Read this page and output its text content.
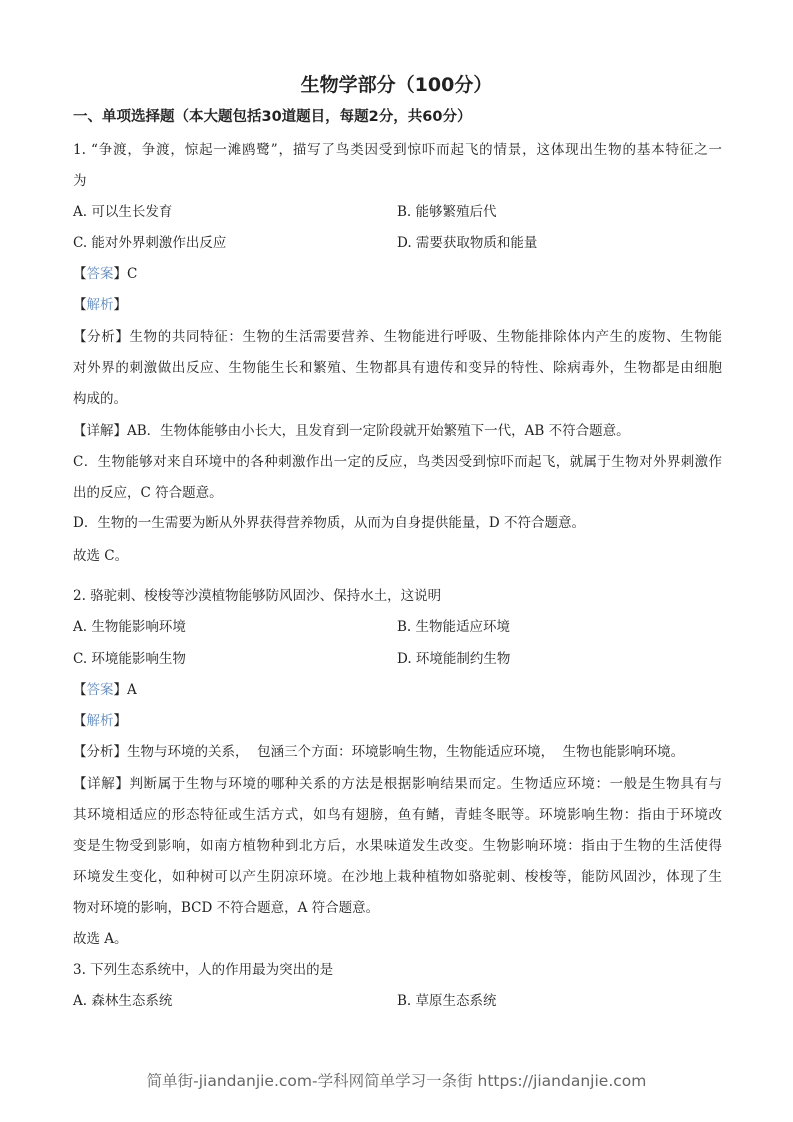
生物学部分（100分）
一、单项选择题（本大题包括30道题目，每题2分，共60分）
1. “争渡，争渡，惊起一滩鸥鹭”，描写了鸟类因受到惊吓而起飞的情景，这体现出生物的基本特征之一
为
A. 可以生长发育	B. 能够繁殖后代
C. 能对外界刺激作出反应	D. 需要获取物质和能量
【答案】C
【解析】
【分析】生物的共同特征：生物的生活需要营养、生物能进行呼吸、生物能排除体内产生的废物、生物能
对外界的刺激做出反应、生物能生长和繁殖、生物都具有遗传和变异的特性、除病毒外，生物都是由细胞
构成的。
【详解】AB．生物体能够由小长大，且发育到一定阶段就开始繁殖下一代，AB 不符合题意。
C．生物能够对来自环境中的各种刺激作出一定的反应，鸟类因受到惊吓而起飞，就属于生物对外界刺激作
出的反应，C 符合题意。
D．生物的一生需要为断从外界获得营养物质，从而为自身提供能量，D 不符合题意。
故选 C。
2. 骆驼刺、梭梭等沙漠植物能够防风固沙、保持水土，这说明
A. 生物能影响环境	B. 生物能适应环境
C. 环境能影响生物	D. 环境能制约生物
【答案】A
【解析】
【分析】生物与环境的关系，  包涵三个方面：环境影响生物，生物能适应环境，  生物也能影响环境。
【详解】判断属于生物与环境的哪种关系的方法是根据影响结果而定。生物适应环境：一般是生物具有与
其环境相适应的形态特征或生活方式，如鸟有翅膀，鱼有鳍，青蛙冬眠等。环境影响生物：指由于环境改
变是生物受到影响，如南方植物种到北方后，水果味道发生改变。生物影响环境：指由于生物的生活使得
环境发生变化，如种树可以产生阴凉环境。在沙地上栽种植物如骆驼刺、梭梭等，能防风固沙，体现了生
物对环境的影响，BCD 不符合题意，A 符合题意。
故选 A。
3. 下列生态系统中，人的作用最为突出的是
A. 森林生态系统	B. 草原生态系统
简单街-jiandanjie.com-学科网简单学习一条街 https://jiandanjie.com
